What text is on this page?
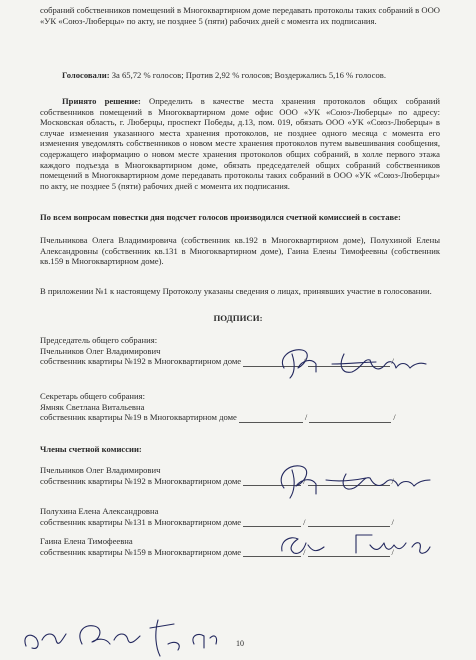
собраний собственников помещений в Многоквартирном доме передавать протоколы таких собраний в ООО «УК «Союз-Люберцы» по акту, не позднее 5 (пяти) рабочих дней с момента их подписания.

Голосовали: За 65,72 % голосов; Против 2,92 % голосов; Воздержались 5,16 % голосов.

Принято решение: Определить в качестве места хранения протоколов общих собраний собственников помещений в Многоквартирном доме офис ООО «УК «Союз-Люберцы» по адресу: Московская область, г. Люберцы, проспект Победы, д.13, пом. 019, обязать ООО «УК «Союз-Люберцы» в случае изменения указанного места хранения протоколов, не позднее одного месяца с момента его изменения уведомлять собственников о новом месте хранения протоколов путем вывешивания сообщения, содержащего информацию о новом месте хранения протоколов общих собраний, в холле первого этажа каждого подъезда в Многоквартирном доме, обязать председателей общих собраний собственников помещений в Многоквартирном доме передавать протоколы таких собраний в ООО «УК «Союз-Люберцы» по акту, не позднее 5 (пяти) рабочих дней с момента их подписания.

По всем вопросам повестки дня подсчет голосов производился счетной комиссией в составе:

Пчельникова Олега Владимировича (собственник кв.192 в Многоквартирном доме), Полухиной Елены Александровны (собственник кв.131 в Многоквартирном доме), Гаина Елены Тимофеевны (собственник кв.159 в Многоквартирном доме).

В приложении №1 к настоящему Протоколу указаны сведения о лицах, принявших участие в голосовании.

ПОДПИСИ:
Председатель общего собрания:
Пчельников Олег Владимирович
собственник квартиры №192 в Многоквартирном доме	/	/
Секретарь общего собрания:
Ямняк Светлана Витальевна
собственник квартиры №19 в Многоквартирном доме	/	/
Члены счетной комиссии:
Пчельников Олег Владимирович
собственник квартиры №192 в Многоквартирном доме	/	/
Полухина Елена Александровна
собственник квартиры №131 в Многоквартирном доме	/	/
Гаина Елена Тимофеевна
собственник квартиры №159 в Многоквартирном доме	/	/
10
